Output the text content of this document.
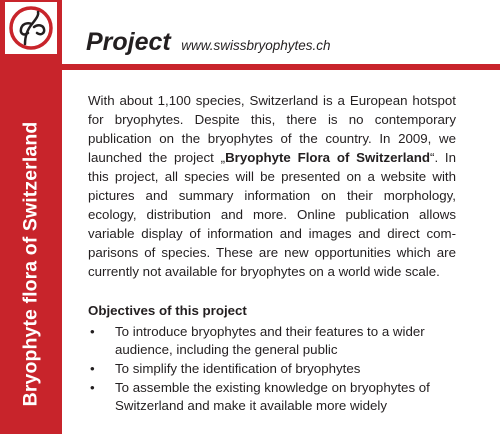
Bryophyte flora of Switzerland
Project www.swissbryophytes.ch

With about 1,100 species, Switzerland is a European hotspot for bryophytes. Despite this, there is no contemporary publication on the bryophytes of the country. In 2009, we launched the project „Bryophyte Flora of Switzerland“. In this project, all species will be presented on a website with pictures and summary information on their morphology, ecology, distribution and more. Online publication allows variable display of information and images and direct comparisons of species. These are new opportunities which are currently not available for bryophytes on a world wide scale.

Objectives of this project
• To introduce bryophytes and their features to a wider audience, including the general public
• To simplify the identification of bryophytes
• To assemble the existing knowledge on bryophytes of Switzerland and make it available more widely
